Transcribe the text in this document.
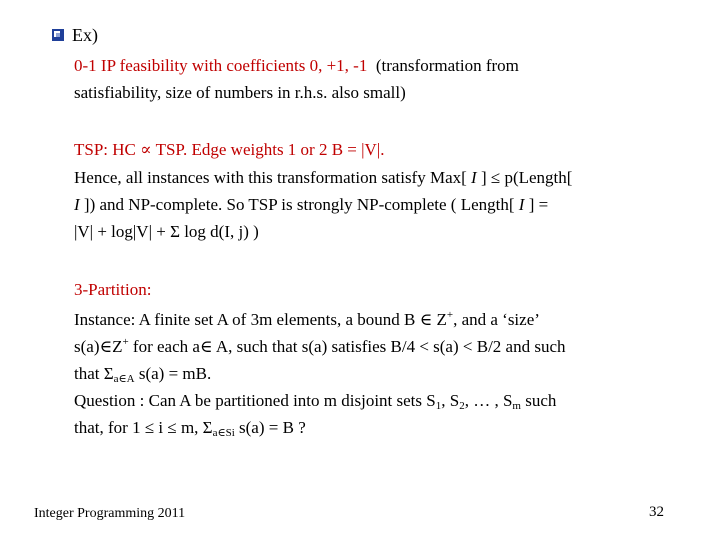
Ex)
0-1 IP feasibility with coefficients 0, +1, -1 (transformation from
satisfiability, size of numbers in r.h.s. also small)
TSP: HC ∝ TSP. Edge weights 1 or 2 B = |V|.
Hence, all instances with this transformation satisfy Max[ I ] ≤ p(Length[
I ]) and NP-complete. So TSP is strongly NP-complete ( Length[ I ] =
|V| + log|V| + Σ log d(I, j) )
3-Partition:
Instance: A finite set A of 3m elements, a bound B ∈ Z+, and a ‘size’
s(a)∈Z+ for each a∈ A, such that s(a) satisfies B/4 < s(a) < B/2 and such
that $\Sigma_{a\in A}$ s(a) = mB.
Question : Can A be partitioned into m disjoint sets $S_1$, $S_2$, … , $S_m$ such
that, for 1 ≤ i ≤ m, $\Sigma_{a\in Si}$ s(a) = B ?
Integer Programming 2011	32
